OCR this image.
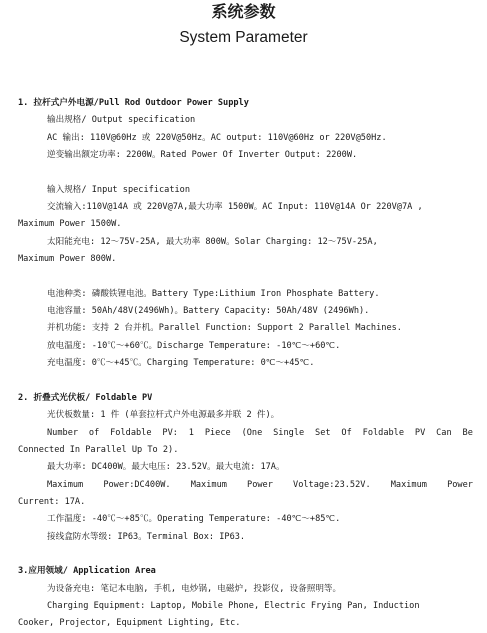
系统参数
System Parameter
1. 拉杆式户外电源/Pull Rod Outdoor Power Supply
输出规格/ Output specification
AC 输出: 110V@60Hz 或 220V@50Hz。AC output: 110V@60Hz or 220V@50Hz.
逆变输出额定功率: 2200W。Rated Power Of Inverter Output: 2200W.
输入规格/ Input specification
交流输入:110V@14A 或 220V@7A,最大功率 1500W。AC Input: 110V@14A Or 220V@7A ,
Maximum Power 1500W.
太阳能充电: 12～75V-25A, 最大功率 800W。Solar Charging: 12～75V-25A,
Maximum Power 800W.
电池种类: 磷酸铁锂电池。Battery Type:Lithium Iron Phosphate Battery.
电池容量: 50Ah/48V(2496Wh)。Battery Capacity: 50Ah/48V (2496Wh).
并机功能: 支持 2 台并机。Parallel Function: Support 2 Parallel Machines.
放电温度: -10℃～+60℃。Discharge Temperature: -10℃～+60℃.
充电温度: 0℃～+45℃。Charging Temperature: 0℃～+45℃.
2. 折叠式光伏板/ Foldable PV
光伏板数量: 1 件 (单套拉杆式户外电源最多并联 2 件)。
Number of Foldable PV: 1 Piece (One Single Set Of Foldable PV Can Be
Connected In Parallel Up To 2).
最大功率: DC400W。最大电压: 23.52V。最大电流: 17A。
Maximum Power:DC400W. Maximum Power Voltage:23.52V. Maximum Power
Current: 17A.
工作温度: -40℃～+85℃。Operating Temperature: -40℃～+85℃.
接线盒防水等级: IP63。Terminal Box: IP63.
3.应用领域/ Application Area
为设备充电: 笔记本电脑, 手机, 电炒锅, 电磁炉, 投影仪, 设备照明等。
Charging Equipment: Laptop, Mobile Phone, Electric Frying Pan, Induction
Cooker, Projector, Equipment Lighting, Etc.
